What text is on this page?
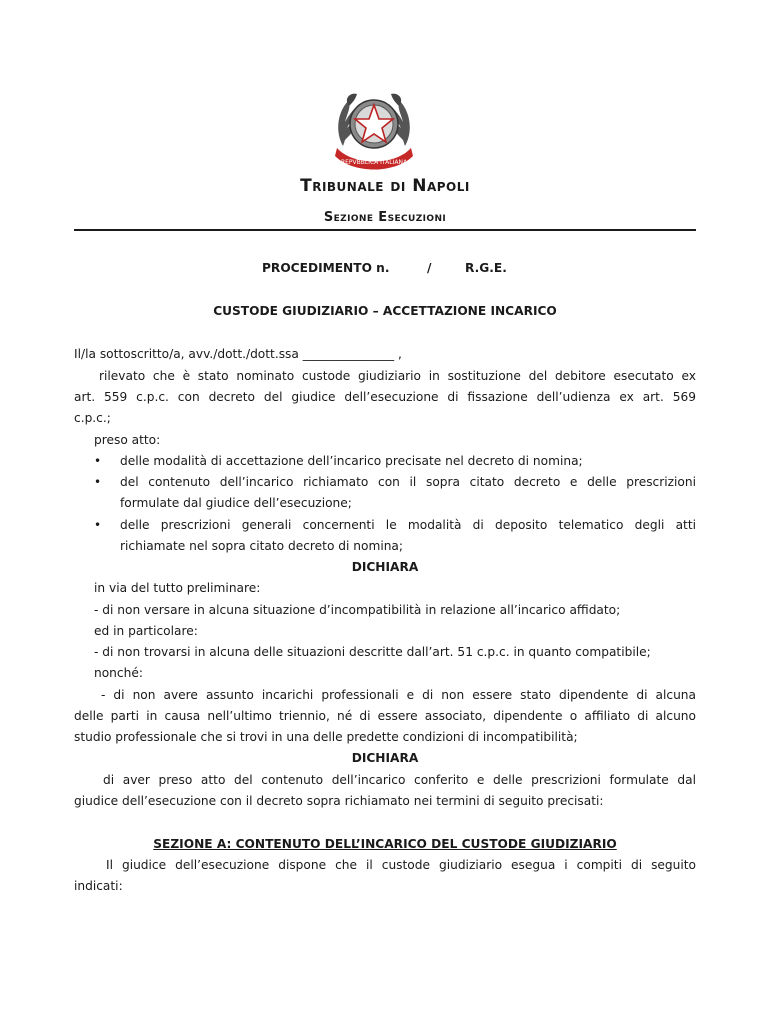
REPVBBLICA ITALIANA
Tribunale di Napoli
Sezione Esecuzioni
PROCEDIMENTO n.	/	R.G.E.
CUSTODE GIUDIZIARIO – ACCETTAZIONE INCARICO
Il/la sottoscritto/a, avv./dott./dott.ssa _______________ ,
rilevato che è stato nominato custode giudiziario in sostituzione del debitore esecutato ex
art. 559 c.p.c. con decreto del giudice dell’esecuzione di fissazione dell’udienza ex art. 569
c.p.c.;
preso atto:
• delle modalità di accettazione dell’incarico precisate nel decreto di nomina;
• del contenuto dell’incarico richiamato con il sopra citato decreto e delle prescrizioni
formulate dal giudice dell’esecuzione;
• delle prescrizioni generali concernenti le modalità di deposito telematico degli atti
richiamate nel sopra citato decreto di nomina;
DICHIARA
in via del tutto preliminare:
- di non versare in alcuna situazione d’incompatibilità in relazione all’incarico affidato;
ed in particolare:
- di non trovarsi in alcuna delle situazioni descritte dall’art. 51 c.p.c. in quanto compatibile;
nonché:
- di non avere assunto incarichi professionali e di non essere stato dipendente di alcuna
delle parti in causa nell’ultimo triennio, né di essere associato, dipendente o affiliato di alcuno
studio professionale che si trovi in una delle predette condizioni di incompatibilità;
DICHIARA
di aver preso atto del contenuto dell’incarico conferito e delle prescrizioni formulate dal
giudice dell’esecuzione con il decreto sopra richiamato nei termini di seguito precisati:
SEZIONE A: CONTENUTO DELL’INCARICO DEL CUSTODE GIUDIZIARIO
Il giudice dell’esecuzione dispone che il custode giudiziario esegua i compiti di seguito
indicati:
